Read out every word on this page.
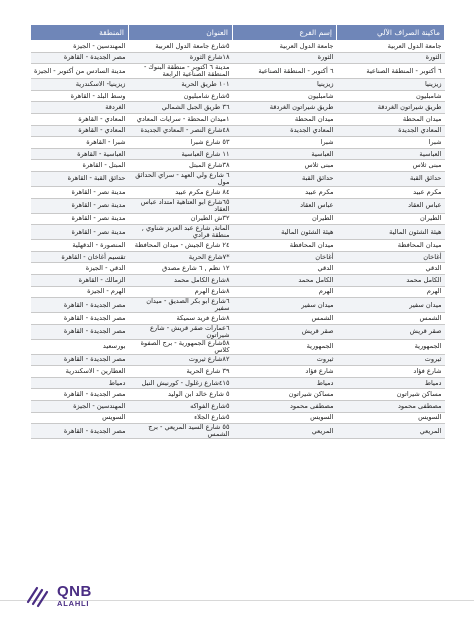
ماكينة الصراف الآلي	إسم الفرع	العنوان	المنطقة
جامعة الدول العربية	جامعة الدول العربية	٥شارع جامعة الدول العربية	المهندسين - الجيزة
الثورة	الثورة	١٨شارع الثورة	مصر الجديدة - القاهرة
٦ أكتوبر - المنطقة الصناعية	٦ أكتوبر - المنطقة الصناعية	مدينة ٦ أكتوبر - منطقة البنوك - المنطقة الصناعية الرابعة	مدينة السادس من أكتوبر - الجيزة
زيزينيا	زيزينيا	١٠١ طريق الحرية	زيزينيا- الاسكندرية
شامبليون	شامبليون	٥شارع شامبليون	وسط البلد - القاهرة
طريق شيراتون الغردقة	طريق شيراتون الغردقة	٣٦ طريق الجبل الشمالي	الغردقة
ميدان المحطة	ميدان المحطة	١ميدان المحطة - سرايات المعادي	المعادي - القاهرة
المعادي الجديدة	المعادي الجديدة	٤٨شارع النصر - المعادي الجديدة	المعادي - القاهرة
شبرا	شبرا	٥٣ شارع شبرا	شبرا - القاهرة
العباسية	العباسية	١١ شارع العباسية	العباسية - القاهرة
مبنى ثلاس	مبنى ثلاس	٣٨شارع المبتل	المبتل - القاهرة
حدائق القبة	حدائق القبة	٦ شارع ولي العهد - سراي الحدائق مول	حدائق القبة - القاهرة
مكرم عبيد	مكرم عبيد	٨٤ شارع مكرم عبيد	مدينة نصر - القاهرة
عباس العقاد	عباس العقاد	٦٥شارع ابو العتاهية امتداد عباس العقاد	مدينة نصر - القاهرة
الطيران	الطيران	٣٢ش الطيران	مدينة نصر - القاهرة
هيئة الشئون المالية	هيئة الشئون المالية	المانة, شارع عبد العزيز شناوي , منطقة قرادي	مدينة نصر - القاهرة
ميدان المحافظة	ميدان المحافظة	٢٤ شارع الجيش - ميدان المحافظة	المنصورة - الدقهلية
أغاخان	أغاخان	*٧شارع الحرية	تقسيم أغاخان - القاهرة
الدقي	الدقي	١٢ نظم , ٦ شارع مصدق	الدقي - الجيزة
الكامل محمد	الكامل محمد	٨شارع الكامل محمد	الزمالك - القاهرة
الهرم	الهرم	٨شارع الهرم	الهرم - الجيزة
ميدان سفير	ميدان سفير	٦شارع ابو بكر الصديق - ميدان سفير	مصر الجديدة - القاهرة
الشمس	الشمس	٨شارع فريد سميكة	مصر الجديدة - القاهرة
صقر قريش	صقر قريش	٦عمارات صقر قريش - شارع شيراتون	مصر الجديدة - القاهرة
الجمهورية	الجمهورية	٥٨شارع الجمهورية - برج الصفوة كلاس	بورسعيد
ثيروت	ثيروت	٨٢شارع ثيروت	مصر الجديدة - القاهرة
شارع فؤاد	شارع فؤاد	٣٩ شارع الحرية	العطارين - الاسكندرية
دمياط	دمياط	٤١٥شارع زغلول - كورنيش النيل	دمياط
مساكن شيراتون	مساكن شيراتون	٥ شارع خالد ابن الوليد	مصر الجديدة - القاهرة
مصطفى محمود	مصطفى محمود	٥شارع الفواكه	المهندسين - الجيزة
السويس	السويس	٥شارع الجلاء	السويس
المريعي	المريعي	٥٥ شارع السيد المريعي - برج الشمس	مصر الجديدة - القاهرة
QNB
ALAHLI
